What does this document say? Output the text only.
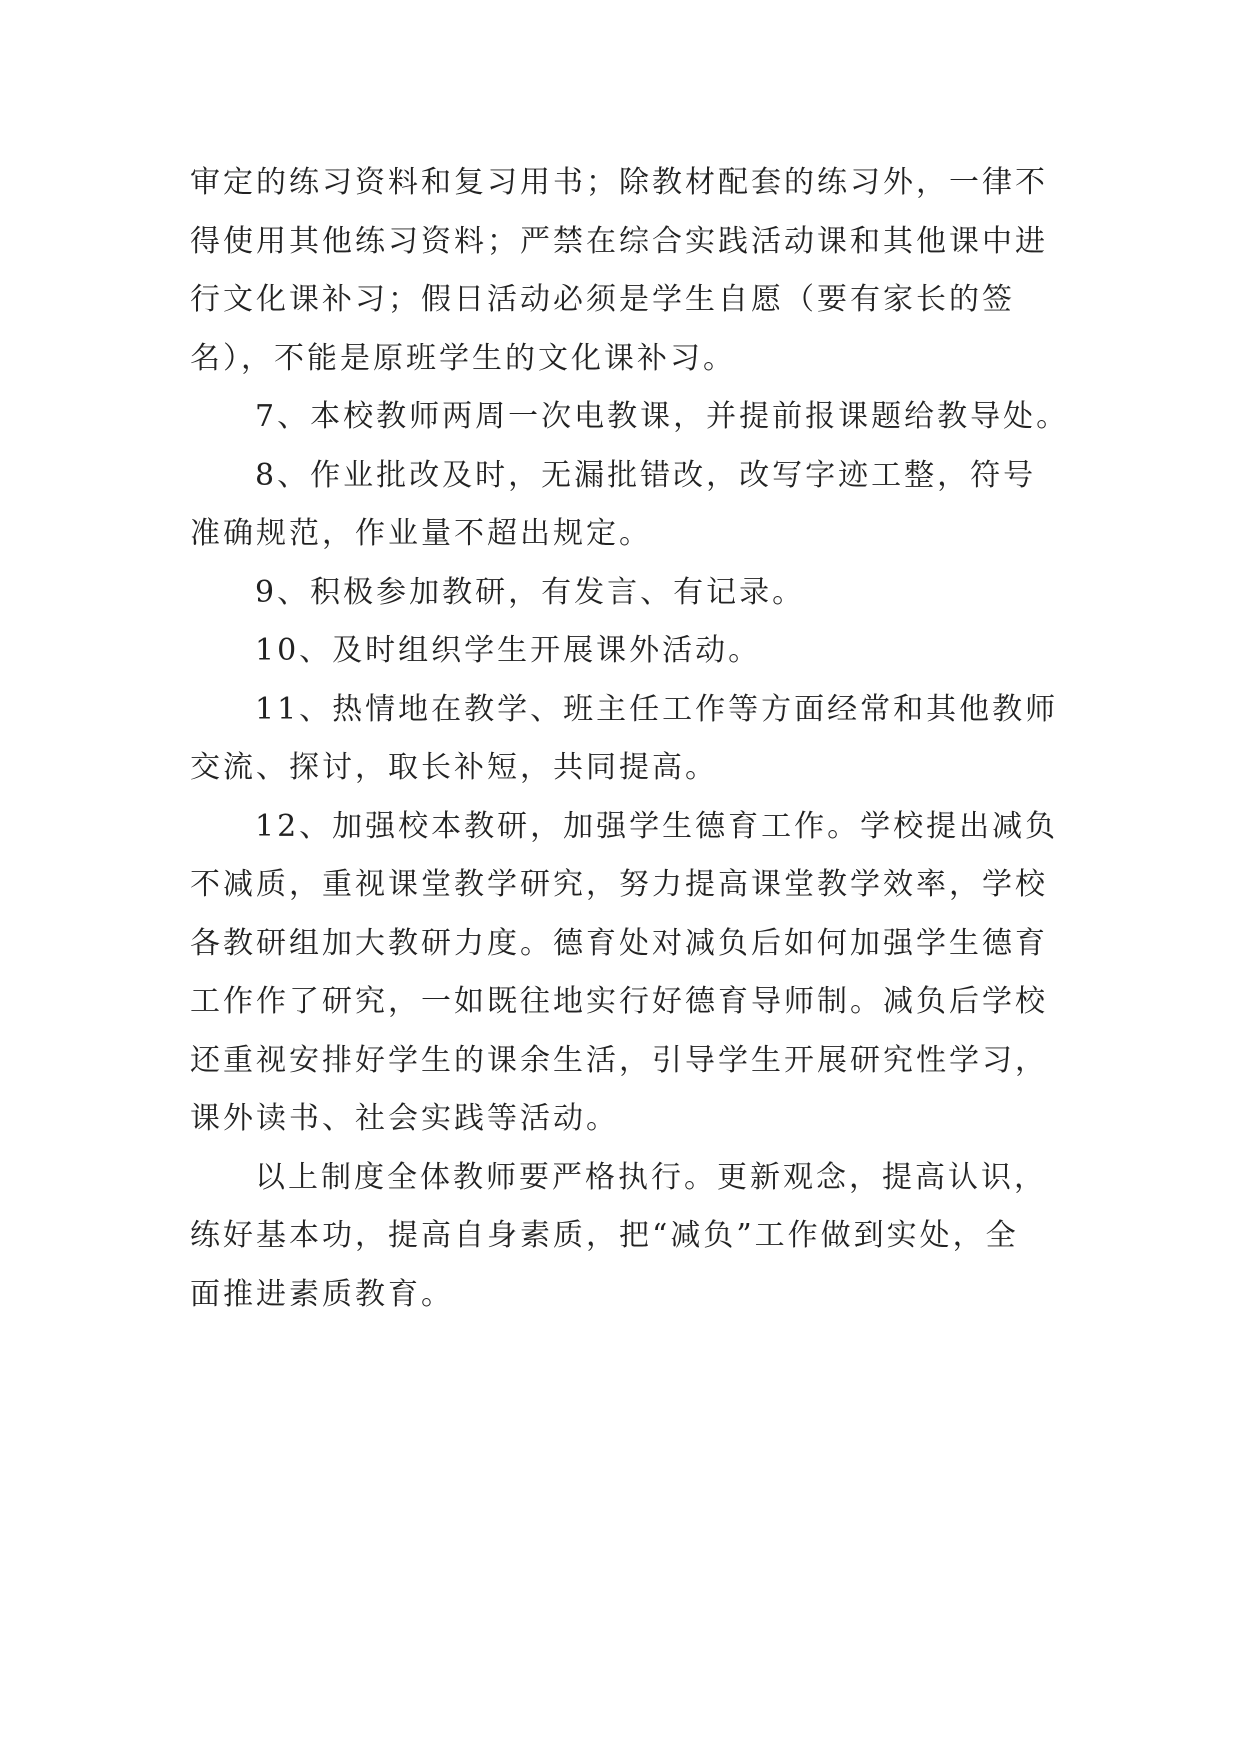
审定的练习资料和复习用书；除教材配套的练习外，一律不
得使用其他练习资料；严禁在综合实践活动课和其他课中进
行文化课补习；假日活动必须是学生自愿（要有家长的签
名），不能是原班学生的文化课补习。
7、本校教师两周一次电教课，并提前报课题给教导处。
8、作业批改及时，无漏批错改，改写字迹工整，符号
准确规范，作业量不超出规定。
9、积极参加教研，有发言、有记录。
10、及时组织学生开展课外活动。
11、热情地在教学、班主任工作等方面经常和其他教师
交流、探讨，取长补短，共同提高。
12、加强校本教研，加强学生德育工作。学校提出减负
不减质，重视课堂教学研究，努力提高课堂教学效率，学校
各教研组加大教研力度。德育处对减负后如何加强学生德育
工作作了研究，一如既往地实行好德育导师制。减负后学校
还重视安排好学生的课余生活，引导学生开展研究性学习，
课外读书、社会实践等活动。
以上制度全体教师要严格执行。更新观念，提高认识，
练好基本功，提高自身素质，把“减负”工作做到实处，全
面推进素质教育。
